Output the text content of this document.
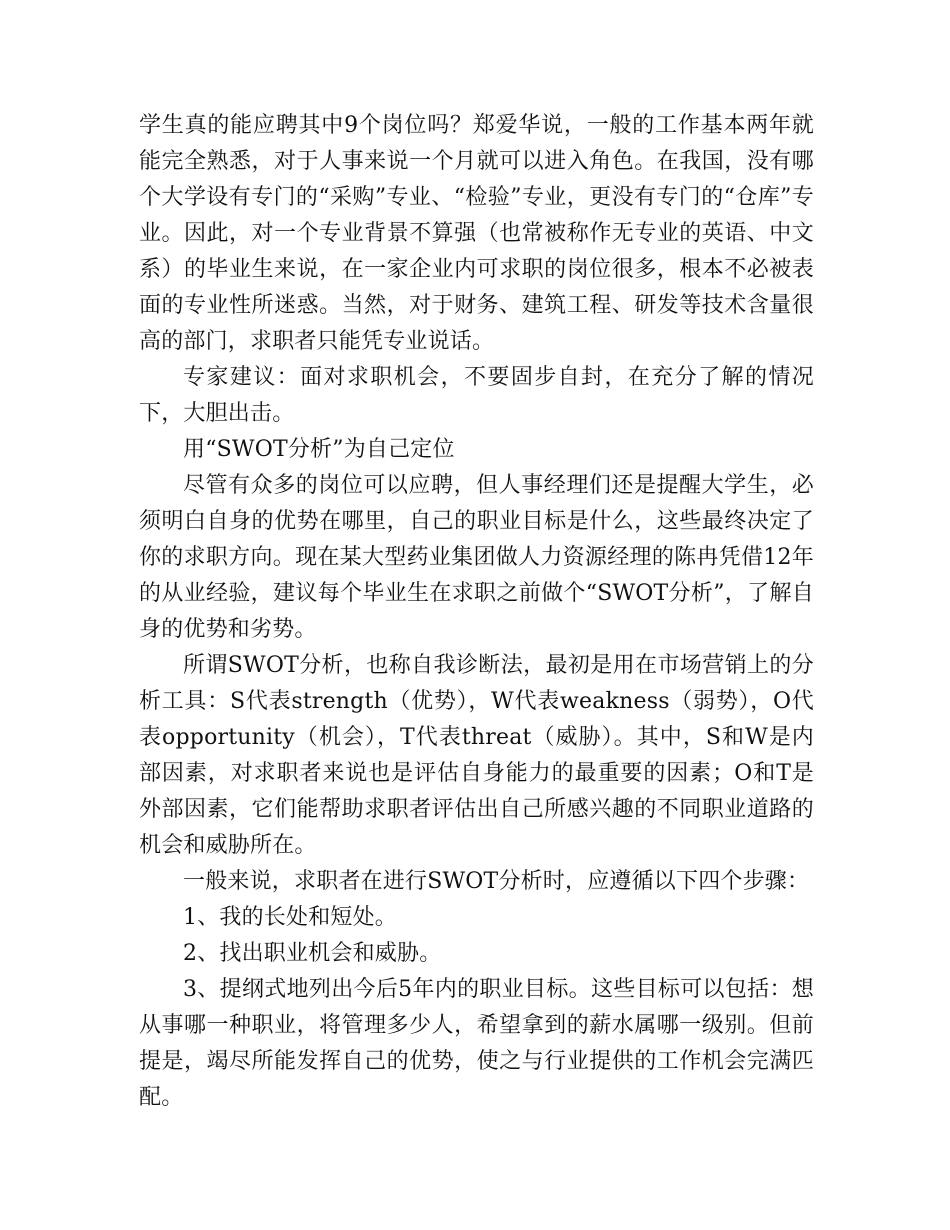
学生真的能应聘其中9个岗位吗？郑爱华说，一般的工作基本两年就能完全熟悉，对于人事来说一个月就可以进入角色。在我国，没有哪个大学设有专门的“采购”专业、“检验”专业，更没有专门的“仓库”专业。因此，对一个专业背景不算强（也常被称作无专业的英语、中文系）的毕业生来说，在一家企业内可求职的岗位很多，根本不必被表面的专业性所迷惑。当然，对于财务、建筑工程、研发等技术含量很高的部门，求职者只能凭专业说话。

专家建议：面对求职机会，不要固步自封，在充分了解的情况下，大胆出击。

用“SWOT分析”为自己定位

尽管有众多的岗位可以应聘，但人事经理们还是提醒大学生，必须明白自身的优势在哪里，自己的职业目标是什么，这些最终决定了你的求职方向。现在某大型药业集团做人力资源经理的陈冉凭借12年的从业经验，建议每个毕业生在求职之前做个“SWOT分析”，了解自身的优势和劣势。

所谓SWOT分析，也称自我诊断法，最初是用在市场营销上的分析工具：S代表strength（优势），W代表weakness（弱势），O代表opportunity（机会），T代表threat（威胁）。其中，S和W是内部因素，对求职者来说也是评估自身能力的最重要的因素；O和T是外部因素，它们能帮助求职者评估出自己所感兴趣的不同职业道路的机会和威胁所在。

一般来说，求职者在进行SWOT分析时，应遵循以下四个步骤：

1、我的长处和短处。

2、找出职业机会和威胁。

3、提纲式地列出今后5年内的职业目标。这些目标可以包括：想从事哪一种职业，将管理多少人，希望拿到的薪水属哪一级别。但前提是，竭尽所能发挥自己的优势，使之与行业提供的工作机会完满匹配。
